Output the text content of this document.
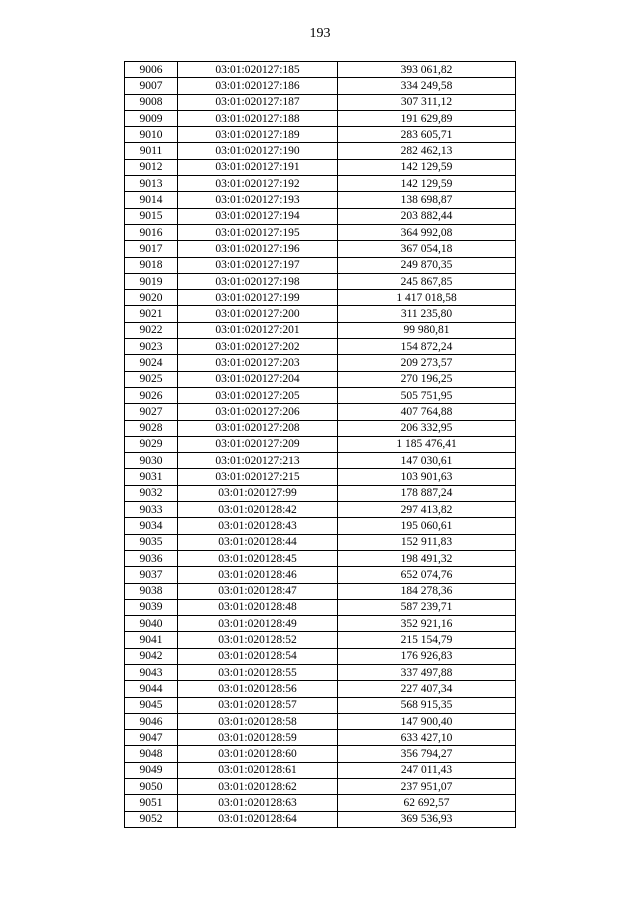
193
9006	03:01:020127:185	393 061,82
9007	03:01:020127:186	334 249,58
9008	03:01:020127:187	307 311,12
9009	03:01:020127:188	191 629,89
9010	03:01:020127:189	283 605,71
9011	03:01:020127:190	282 462,13
9012	03:01:020127:191	142 129,59
9013	03:01:020127:192	142 129,59
9014	03:01:020127:193	138 698,87
9015	03:01:020127:194	203 882,44
9016	03:01:020127:195	364 992,08
9017	03:01:020127:196	367 054,18
9018	03:01:020127:197	249 870,35
9019	03:01:020127:198	245 867,85
9020	03:01:020127:199	1 417 018,58
9021	03:01:020127:200	311 235,80
9022	03:01:020127:201	99 980,81
9023	03:01:020127:202	154 872,24
9024	03:01:020127:203	209 273,57
9025	03:01:020127:204	270 196,25
9026	03:01:020127:205	505 751,95
9027	03:01:020127:206	407 764,88
9028	03:01:020127:208	206 332,95
9029	03:01:020127:209	1 185 476,41
9030	03:01:020127:213	147 030,61
9031	03:01:020127:215	103 901,63
9032	03:01:020127:99	178 887,24
9033	03:01:020128:42	297 413,82
9034	03:01:020128:43	195 060,61
9035	03:01:020128:44	152 911,83
9036	03:01:020128:45	198 491,32
9037	03:01:020128:46	652 074,76
9038	03:01:020128:47	184 278,36
9039	03:01:020128:48	587 239,71
9040	03:01:020128:49	352 921,16
9041	03:01:020128:52	215 154,79
9042	03:01:020128:54	176 926,83
9043	03:01:020128:55	337 497,88
9044	03:01:020128:56	227 407,34
9045	03:01:020128:57	568 915,35
9046	03:01:020128:58	147 900,40
9047	03:01:020128:59	633 427,10
9048	03:01:020128:60	356 794,27
9049	03:01:020128:61	247 011,43
9050	03:01:020128:62	237 951,07
9051	03:01:020128:63	62 692,57
9052	03:01:020128:64	369 536,93
